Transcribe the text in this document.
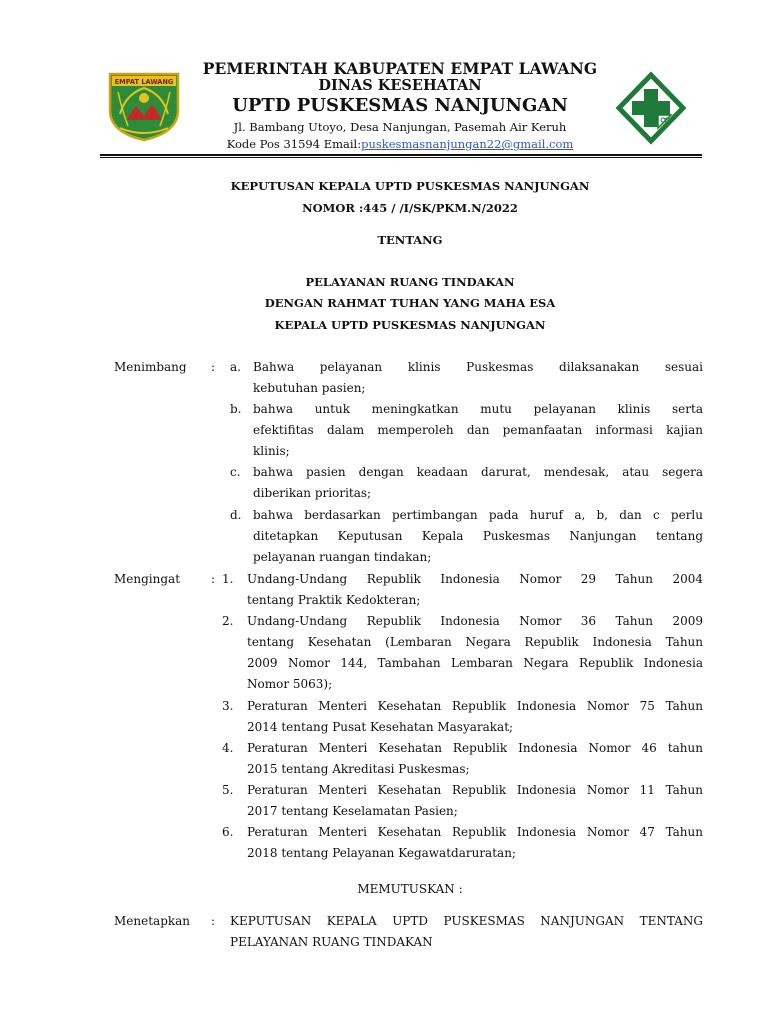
EMPAT LAWANG
PEMERINTAH KABUPATEN EMPAT LAWANG
DINAS KESEHATAN
UPTD PUSKESMAS NANJUNGAN
Jl. Bambang Utoyo, Desa Nanjungan, Pasemah Air Keruh
Kode Pos 31594 Email:puskesmasnanjungan22@gmail.com
KEPUTUSAN KEPALA UPTD PUSKESMAS NANJUNGAN
NOMOR :445 / /I/SK/PKM.N/2022
TENTANG
PELAYANAN RUANG TINDAKAN
DENGAN RAHMAT TUHAN YANG MAHA ESA
KEPALA UPTD PUSKESMAS NANJUNGAN
Menimbang : a. Bahwa pelayanan klinis Puskesmas dilaksanakan sesuai
kebutuhan pasien;
b. bahwa untuk meningkatkan mutu pelayanan klinis serta
efektifitas dalam memperoleh dan pemanfaatan informasi kajian
klinis;
c. bahwa pasien dengan keadaan darurat, mendesak, atau segera
diberikan prioritas;
d. bahwa berdasarkan pertimbangan pada huruf a, b, dan c perlu
ditetapkan Keputusan Kepala Puskesmas Nanjungan tentang
pelayanan ruangan tindakan;
Mengingat	: 1. Undang-Undang Republik Indonesia Nomor 29 Tahun 2004
tentang Praktik Kedokteran;
2. Undang-Undang Republik Indonesia Nomor 36 Tahun 2009
tentang Kesehatan (Lembaran Negara Republik Indonesia Tahun
2009 Nomor 144, Tambahan Lembaran Negara Republik Indonesia
Nomor 5063);
3. Peraturan Menteri Kesehatan Republik Indonesia Nomor 75 Tahun
2014 tentang Pusat Kesehatan Masyarakat;
4. Peraturan Menteri Kesehatan Republik Indonesia Nomor 46 tahun
2015 tentang Akreditasi Puskesmas;
5. Peraturan Menteri Kesehatan Republik Indonesia Nomor 11 Tahun
2017 tentang Keselamatan Pasien;
6. Peraturan Menteri Kesehatan Republik Indonesia Nomor 47 Tahun
2018 tentang Pelayanan Kegawatdaruratan;
MEMUTUSKAN :
Menetapkan : KEPUTUSAN KEPALA UPTD PUSKESMAS NANJUNGAN TENTANG
PELAYANAN RUANG TINDAKAN
